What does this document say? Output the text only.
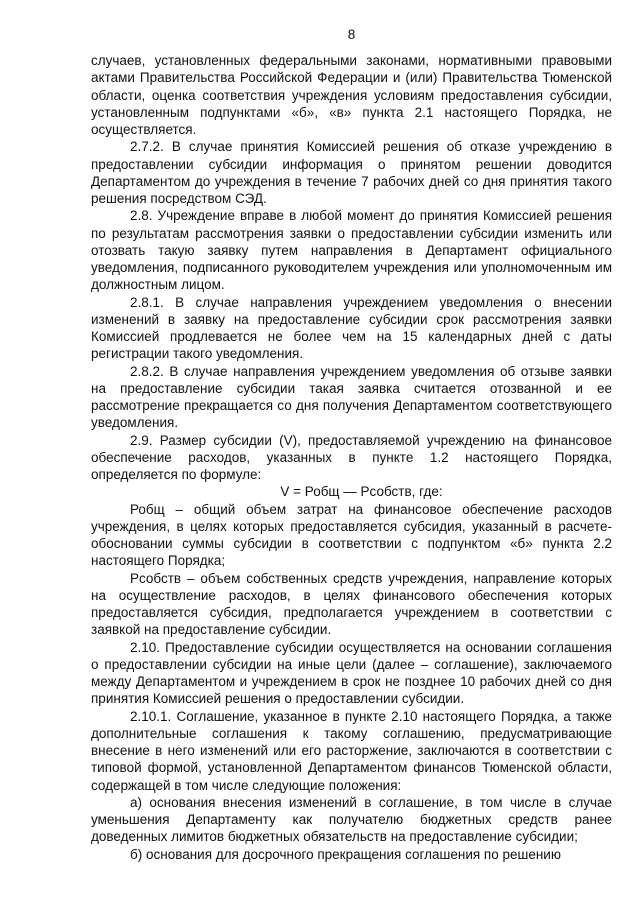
8

случаев, установленных федеральными законами, нормативными правовыми актами Правительства Российской Федерации и (или) Правительства Тюменской области, оценка соответствия учреждения условиям предоставления субсидии, установленным подпунктами «б», «в» пункта 2.1 настоящего Порядка, не осуществляется.

2.7.2. В случае принятия Комиссией решения об отказе учреждению в предоставлении субсидии информация о принятом решении доводится Департаментом до учреждения в течение 7 рабочих дней со дня принятия такого решения посредством СЭД.

2.8. Учреждение вправе в любой момент до принятия Комиссией решения по результатам рассмотрения заявки о предоставлении субсидии изменить или отозвать такую заявку путем направления в Департамент официального уведомления, подписанного руководителем учреждения или уполномоченным им должностным лицом.

2.8.1. В случае направления учреждением уведомления о внесении изменений в заявку на предоставление субсидии срок рассмотрения заявки Комиссией продлевается не более чем на 15 календарных дней с даты регистрации такого уведомления.

2.8.2. В случае направления учреждением уведомления об отзыве заявки на предоставление субсидии такая заявка считается отозванной и ее рассмотрение прекращается со дня получения Департаментом соответствующего уведомления.

2.9. Размер субсидии (V), предоставляемой учреждению на финансовое обеспечение расходов, указанных в пункте 1.2 настоящего Порядка, определяется по формуле:

V = Робщ — Рсобств, где:

Робщ – общий объем затрат на финансовое обеспечение расходов учреждения, в целях которых предоставляется субсидия, указанный в расчете-обосновании суммы субсидии в соответствии с подпунктом «б» пункта 2.2 настоящего Порядка;

Рсобств – объем собственных средств учреждения, направление которых на осуществление расходов, в целях финансового обеспечения которых предоставляется субсидия, предполагается учреждением в соответствии с заявкой на предоставление субсидии.

2.10. Предоставление субсидии осуществляется на основании соглашения о предоставлении субсидии на иные цели (далее – соглашение), заключаемого между Департаментом и учреждением в срок не позднее 10 рабочих дней со дня принятия Комиссией решения о предоставлении субсидии.

2.10.1. Соглашение, указанное в пункте 2.10 настоящего Порядка, а также дополнительные соглашения к такому соглашению, предусматривающие внесение в него изменений или его расторжение, заключаются в соответствии с типовой формой, установленной Департаментом финансов Тюменской области, содержащей в том числе следующие положения:

а) основания внесения изменений в соглашение, в том числе в случае уменьшения Департаменту как получателю бюджетных средств ранее доведенных лимитов бюджетных обязательств на предоставление субсидии;

б) основания для досрочного прекращения соглашения по решению
